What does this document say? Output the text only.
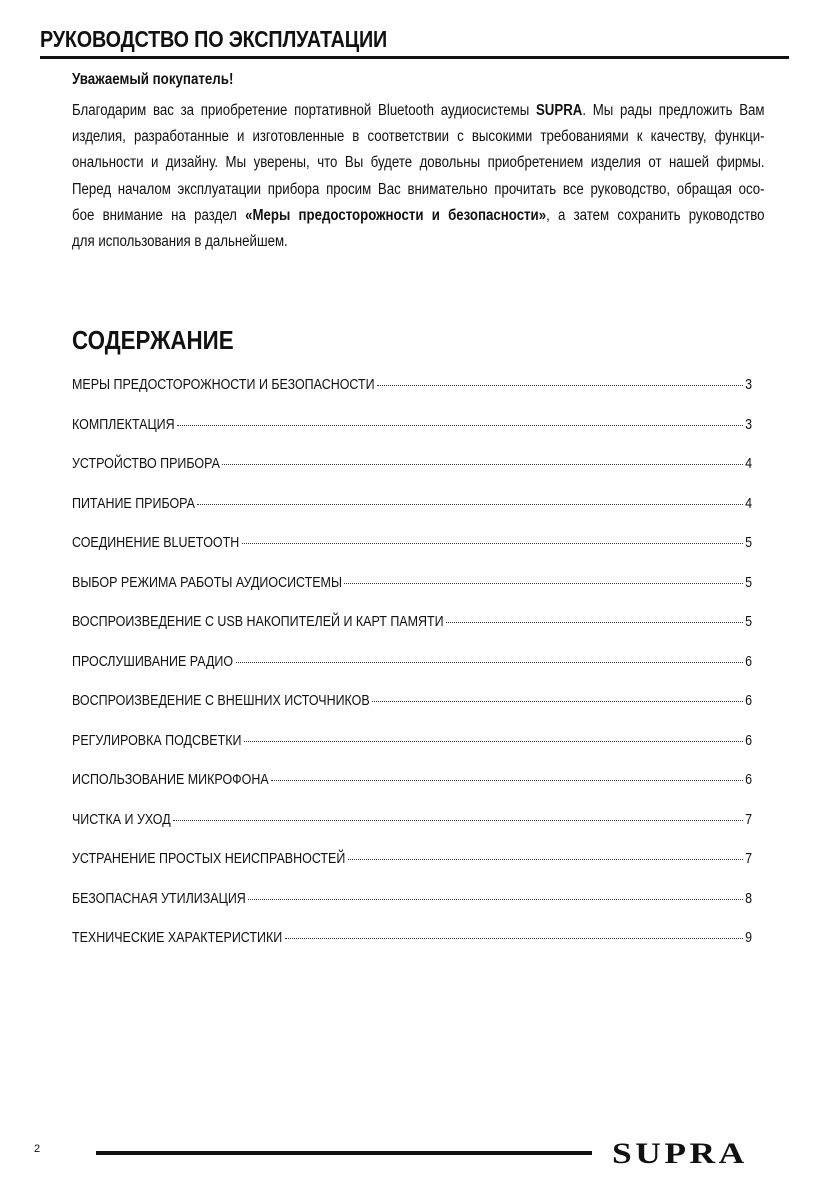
РУКОВОДСТВО ПО ЭКСПЛУАТАЦИИ
Уважаемый покупатель!
Благодарим вас за приобретение портативной Bluetooth аудиосистемы SUPRA. Мы рады предложить Вам
изделия, разработанные и изготовленные в соответствии с высокими требованиями к качеству, функци-
ональности и дизайну. Мы уверены, что Вы будете довольны приобретением изделия от нашей фирмы.
Перед началом эксплуатации прибора просим Вас внимательно прочитать все руководство, обращая осо-
бое внимание на раздел «Меры предосторожности и безопасности», а затем сохранить руководство
для использования в дальнейшем.
СОДЕРЖАНИЕ
МЕРЫ ПРЕДОСТОРОЖНОСТИ И БЕЗОПАСНОСТИ	3
КОМПЛЕКТАЦИЯ	3
УСТРОЙСТВО ПРИБОРА	4
ПИТАНИЕ ПРИБОРА	4
СОЕДИНЕНИЕ BLUETOOTH	5
ВЫБОР РЕЖИМА РАБОТЫ АУДИОСИСТЕМЫ	5
ВОСПРОИЗВЕДЕНИЕ С USB НАКОПИТЕЛЕЙ И КАРТ ПАМЯТИ	5
ПРОСЛУШИВАНИЕ РАДИО	6
ВОСПРОИЗВЕДЕНИЕ С ВНЕШНИХ ИСТОЧНИКОВ	6
РЕГУЛИРОВКА ПОДСВЕТКИ	6
ИСПОЛЬЗОВАНИЕ МИКРОФОНА	6
ЧИСТКА И УХОД	7
УСТРАНЕНИЕ ПРОСТЫХ НЕИСПРАВНОСТЕЙ	7
БЕЗОПАСНАЯ УТИЛИЗАЦИЯ	8
ТЕХНИЧЕСКИЕ ХАРАКТЕРИСТИКИ	9
2	SUPRA
